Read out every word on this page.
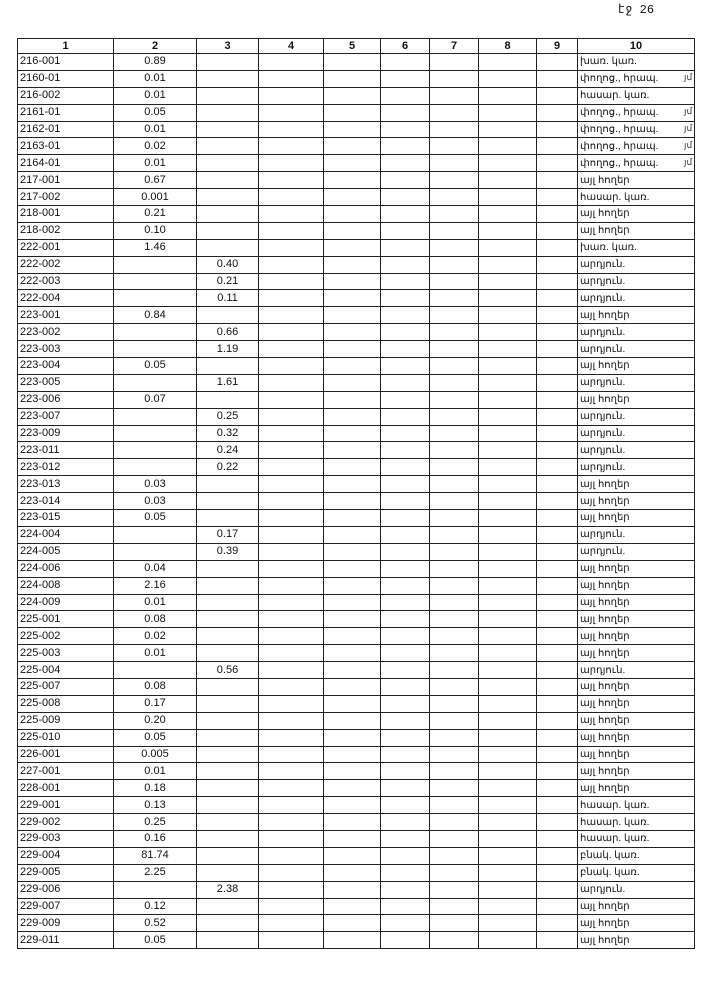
էջ 26
1	2	3	4	5	6	7	8	9	10
216-001	0.89								խառ. կառ.
2160-01	0.01								փողոց., հրապ.
216-002	0.01								հասար. կառ.
2161-01	0.05								փողոց., հրապ.
2162-01	0.01								փողոց., հրապ.
2163-01	0.02								փողոց., հրապ.
2164-01	0.01								փողոց., հրապ.
217-001	0.67								այլ հողեր
217-002	0.001								հասար. կառ.
218-001	0.21								այլ հողեր
218-002	0.10								այլ հողեր
222-001	1.46								խառ. կառ.
222-002		0.40							արդյուն.
222-003		0.21							արդյուն.
222-004		0.11							արդյուն.
223-001	0.84								այլ հողեր
223-002		0.66							արդյուն.
223-003		1.19							արդյուն.
223-004	0.05								այլ հողեր
223-005		1.61							արդյուն.
223-006	0.07								այլ հողեր
223-007		0.25							արդյուն.
223-009		0.32							արդյուն.
223-011		0.24							արդյուն.
223-012		0.22							արդյուն.
223-013	0.03								այլ հողեր
223-014	0.03								այլ հողեր
223-015	0.05								այլ հողեր
224-004		0.17							արդյուն.
224-005		0.39							արդյուն.
224-006	0.04								այլ հողեր
224-008	2.16								այլ հողեր
224-009	0.01								այլ հողեր
225-001	0.08								այլ հողեր
225-002	0.02								այլ հողեր
225-003	0.01								այլ հողեր
225-004		0.56							արդյուն.
225-007	0.08								այլ հողեր
225-008	0.17								այլ հողեր
225-009	0.20								այլ հողեր
225-010	0.05								այլ հողեր
226-001	0.005								այլ հողեր
227-001	0.01								այլ հողեր
228-001	0.18								այլ հողեր
229-001	0.13								հասար. կառ.
229-002	0.25								հասար. կառ.
229-003	0.16								հասար. կառ.
229-004	81.74								բնակ. կառ.
229-005	2.25								բնակ. կառ.
229-006		2.38							արդյուն.
229-007	0.12								այլ հողեր
229-009	0.52								այլ հողեր
229-011	0.05								այլ հողեր
յմ
յմ
յմ
յմ
յմ
